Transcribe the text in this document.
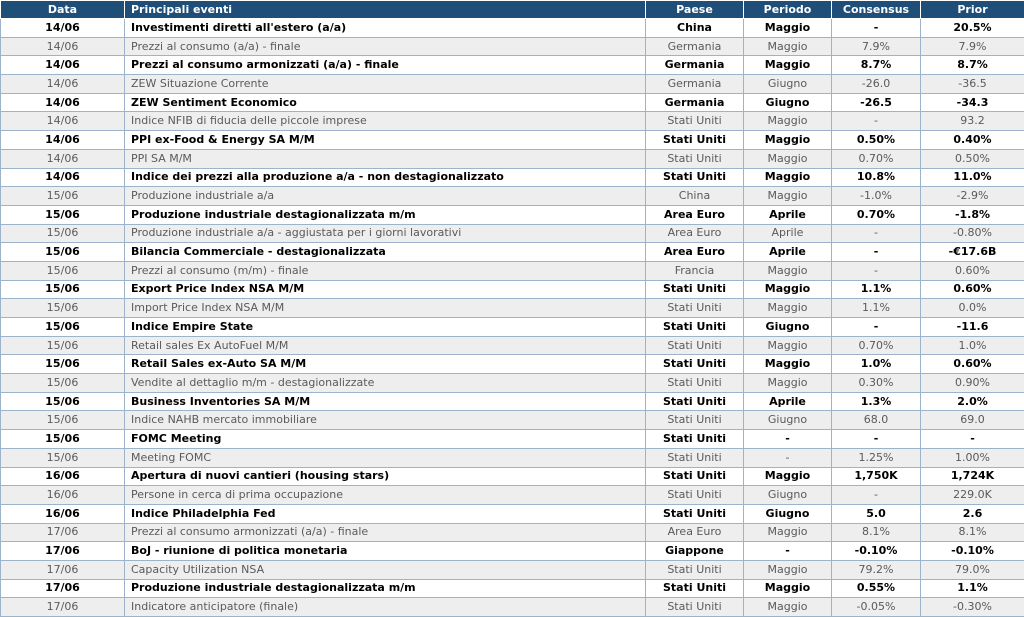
Data	Principali eventi	Paese	Periodo	Consensus	Prior
14/06	Investimenti diretti all'estero (a/a)	China	Maggio	-	20.5%
14/06	Prezzi al consumo (a/a) - finale	Germania	Maggio	7.9%	7.9%
14/06	Prezzi al consumo armonizzati (a/a) - finale	Germania	Maggio	8.7%	8.7%
14/06	ZEW Situazione Corrente	Germania	Giugno	-26.0	-36.5
14/06	ZEW Sentiment Economico	Germania	Giugno	-26.5	-34.3
14/06	Indice NFIB di fiducia delle piccole imprese	Stati Uniti	Maggio	-	93.2
14/06	PPI ex-Food & Energy SA M/M	Stati Uniti	Maggio	0.50%	0.40%
14/06	PPI SA M/M	Stati Uniti	Maggio	0.70%	0.50%
14/06	Indice dei prezzi alla produzione a/a - non destagionalizzato	Stati Uniti	Maggio	10.8%	11.0%
15/06	Produzione industriale a/a	China	Maggio	-1.0%	-2.9%
15/06	Produzione industriale destagionalizzata m/m	Area Euro	Aprile	0.70%	-1.8%
15/06	Produzione industriale a/a - aggiustata per i giorni lavorativi	Area Euro	Aprile	-	-0.80%
15/06	Bilancia Commerciale - destagionalizzata	Area Euro	Aprile	-	-€17.6B
15/06	Prezzi al consumo (m/m) - finale	Francia	Maggio	-	0.60%
15/06	Export Price Index NSA M/M	Stati Uniti	Maggio	1.1%	0.60%
15/06	Import Price Index NSA M/M	Stati Uniti	Maggio	1.1%	0.0%
15/06	Indice Empire State	Stati Uniti	Giugno	-	-11.6
15/06	Retail sales Ex AutoFuel M/M	Stati Uniti	Maggio	0.70%	1.0%
15/06	Retail Sales ex-Auto SA M/M	Stati Uniti	Maggio	1.0%	0.60%
15/06	Vendite al dettaglio m/m - destagionalizzate	Stati Uniti	Maggio	0.30%	0.90%
15/06	Business Inventories SA M/M	Stati Uniti	Aprile	1.3%	2.0%
15/06	Indice NAHB mercato immobiliare	Stati Uniti	Giugno	68.0	69.0
15/06	FOMC Meeting	Stati Uniti	-	-	-
15/06	Meeting FOMC	Stati Uniti	-	1.25%	1.00%
16/06	Apertura di nuovi cantieri (housing stars)	Stati Uniti	Maggio	1,750K	1,724K
16/06	Persone in cerca di prima occupazione	Stati Uniti	Giugno	-	229.0K
16/06	Indice Philadelphia Fed	Stati Uniti	Giugno	5.0	2.6
17/06	Prezzi al consumo armonizzati (a/a) - finale	Area Euro	Maggio	8.1%	8.1%
17/06	BoJ - riunione di politica monetaria	Giappone	-	-0.10%	-0.10%
17/06	Capacity Utilization NSA	Stati Uniti	Maggio	79.2%	79.0%
17/06	Produzione industriale destagionalizzata m/m	Stati Uniti	Maggio	0.55%	1.1%
17/06	Indicatore anticipatore (finale)	Stati Uniti	Maggio	-0.05%	-0.30%
